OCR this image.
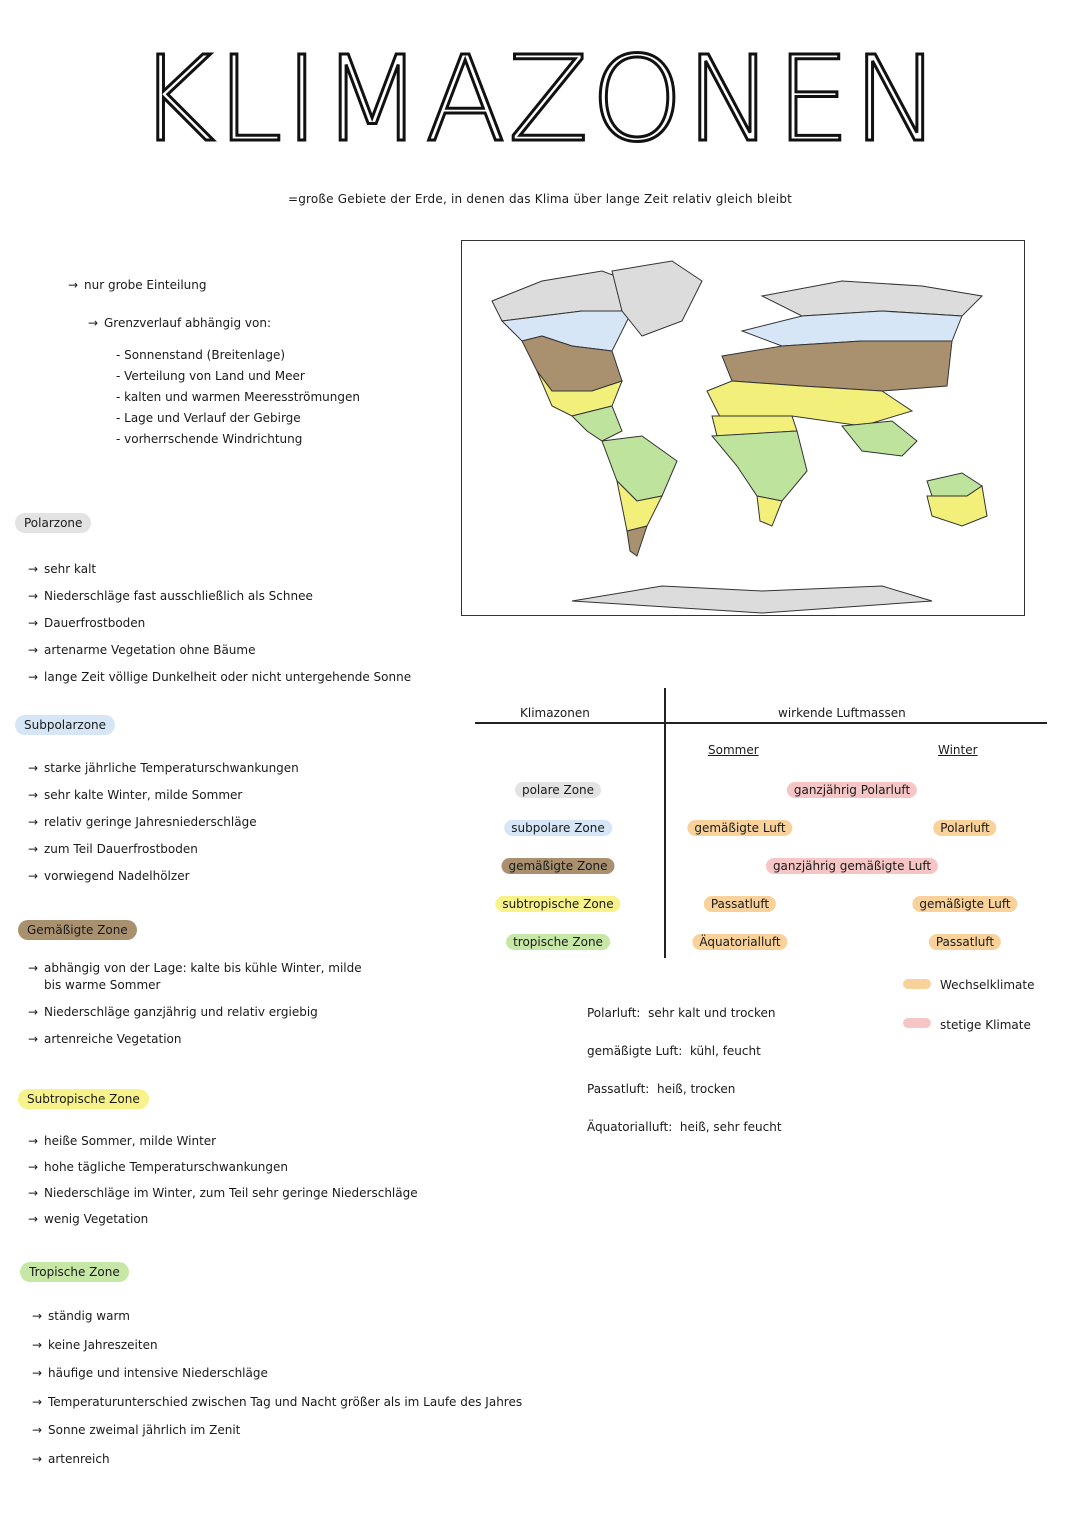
KLIMAZONEN
=große Gebiete der Erde, in denen das Klima über lange Zeit relativ gleich bleibt
→ nur grobe Einteilung
→ Grenzverlauf abhängig von:
- Sonnenstand (Breitenlage)
- Verteilung von Land und Meer
- kalten und warmen Meeresströmungen
- Lage und Verlauf der Gebirge
- vorherrschende Windrichtung
Polarzone
→ sehr kalt
→ Niederschläge fast ausschließlich als Schnee
→ Dauerfrostboden
→ artenarme Vegetation ohne Bäume
→ lange Zeit völlige Dunkelheit oder nicht untergehende Sonne
Subpolarzone
→ starke jährliche Temperaturschwankungen
→ sehr kalte Winter, milde Sommer
→ relativ geringe Jahresniederschläge
→ zum Teil Dauerfrostboden
→ vorwiegend Nadelhölzer
Gemäßigte Zone
→ abhängig von der Lage: kalte bis kühle Winter, milde bis warme Sommer
→ Niederschläge ganzjährig und relativ ergiebig
→ artenreiche Vegetation
Subtropische Zone
→ heiße Sommer, milde Winter
→ hohe tägliche Temperaturschwankungen
→ Niederschläge im Winter, zum Teil sehr geringe Niederschläge
→ wenig Vegetation
Tropische Zone
→ ständig warm
→ keine Jahreszeiten
→ häufige und intensive Niederschläge
→ Temperaturunterschied zwischen Tag und Nacht größer als im Laufe des Jahres
→ Sonne zweimal jährlich im Zenit
→ artenreich
Klimazonen	wirkende Luftmassen
Sommer	Winter
polare Zone	ganzjährig Polarluft
subpolare Zone	gemäßigte Luft	Polarluft
gemäßigte Zone	ganzjährig gemäßigte Luft
subtropische Zone	Passatluft	gemäßigte Luft
tropische Zone	Äquatorialluft	Passatluft
Wechselklimate
stetige Klimate
Polarluft: sehr kalt und trocken
gemäßigte Luft: kühl, feucht
Passatluft: heiß, trocken
Äquatorialluft: heiß, sehr feucht
